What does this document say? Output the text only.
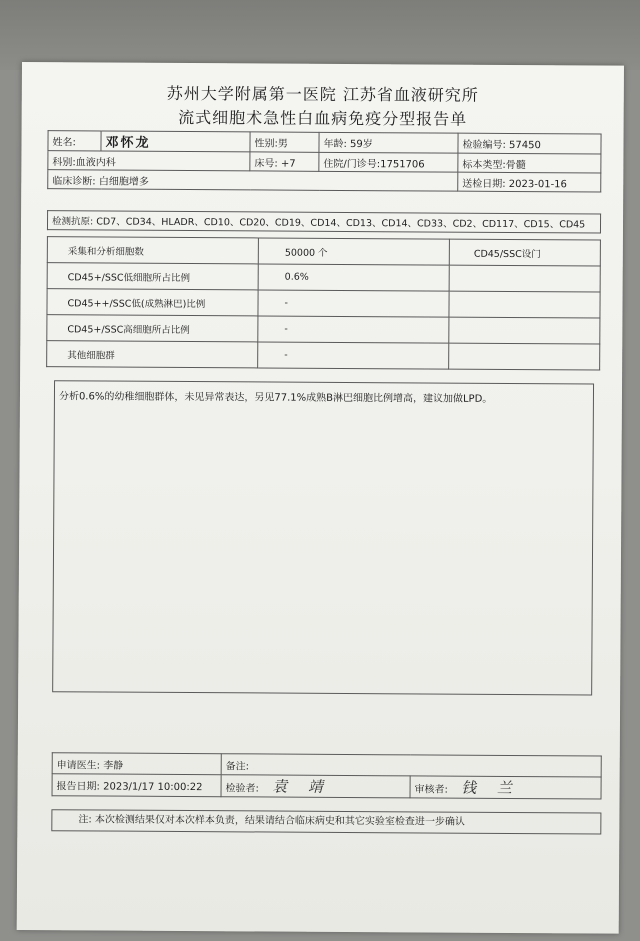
苏州大学附属第一医院 江苏省血液研究所
流式细胞术急性白血病免疫分型报告单
姓名:	邓怀龙	性别:男	年龄: 59岁	检验编号: 57450
科别:血液内科		床号: +7	住院/门诊号:1751706	标本类型:骨髓
临床诊断: 白细胞增多				送检日期: 2023-01-16
检测抗原: CD7、CD34、HLADR、CD10、CD20、CD19、CD14、CD13、CD14、CD33、CD2、CD117、CD15、CD45
采集和分析细胞数	50000 个	CD45/SSC设门
CD45+/SSC低细胞所占比例	0.6%	
CD45++/SSC低(成熟淋巴)比例	-	
CD45+/SSC高细胞所占比例	-	
其他细胞群	-	
分析0.6%的幼稚细胞群体，未见异常表达，另见77.1%成熟B淋巴细胞比例增高，建议加做LPD。
申请医生: 李静	备注:	
报告日期: 2023/1/17 10:00:22	检验者: 袁 靖	审核者: 钱 兰
注: 本次检测结果仅对本次样本负责，结果请结合临床病史和其它实验室检查进一步确认
